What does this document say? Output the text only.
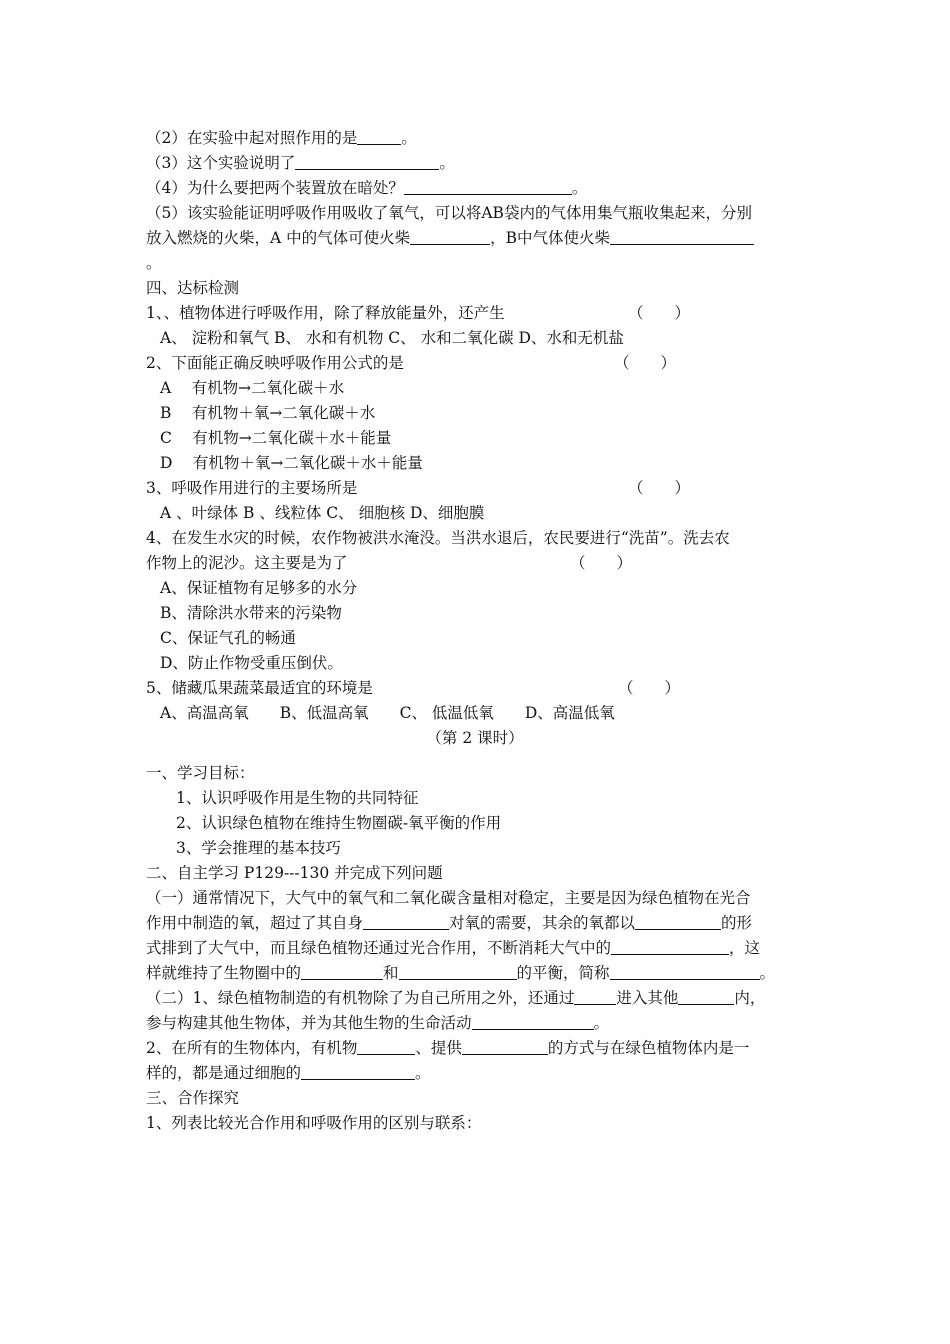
（2）在实验中起对照作用的是	。
（3）这个实验说明了	。
（4）为什么要把两个装置放在暗处？	。
（5）该实验能证明呼吸作用吸收了氧气，可以将AB袋内的气体用集气瓶收集起来，分别
放入燃烧的火柴，A 中的气体可使火柴	，B中气体使火柴
。
四、达标检测
1、、植物体进行呼吸作用，除了释放能量外，还产生	（　　）
A、 淀粉和氧气 B、 水和有机物 C、 水和二氧化碳 D、水和无机盐
2、下面能正确反映呼吸作用公式的是	（　　）
A　 有机物→二氧化碳＋水
B　 有机物＋氧→二氧化碳＋水
C　 有机物→二氧化碳＋水＋能量
D　 有机物＋氧→二氧化碳＋水＋能量
3、呼吸作用进行的主要场所是	（　　）
A 、叶绿体 B 、线粒体 C、 细胞核 D、细胞膜
4、在发生水灾的时候，农作物被洪水淹没。当洪水退后，农民要进行“洗苗”。洗去农
作物上的泥沙。这主要是为了	（　　）
A、保证植物有足够多的水分
B、清除洪水带来的污染物
C、保证气孔的畅通
D、防止作物受重压倒伏。
5、储藏瓜果蔬菜最适宜的环境是	（　　）
A、高温高氧　　B、低温高氧　　C、 低温低氧　　D、高温低氧
（第 2 课时）
一、学习目标：
1、认识呼吸作用是生物的共同特征
2、认识绿色植物在维持生物圈碳-氧平衡的作用
3、学会推理的基本技巧
二、自主学习 P129---130 并完成下列问题
（一）通常情况下，大气中的氧气和二氧化碳含量相对稳定，主要是因为绿色植物在光合
作用中制造的氧，超过了其自身	对氧的需要，其余的氧都以	的形
式排到了大气中，而且绿色植物还通过光合作用，不断消耗大气中的	，这
样就维持了生物圈中的	和	的平衡，简称	。
（二）1、绿色植物制造的有机物除了为自己所用之外，还通过	进入其他	内，
参与构建其他生物体，并为其他生物的生命活动	。
2、在所有的生物体内，有机物	、提供	的方式与在绿色植物体内是一
样的，都是通过细胞的	。
三、合作探究
1、列表比较光合作用和呼吸作用的区别与联系：
